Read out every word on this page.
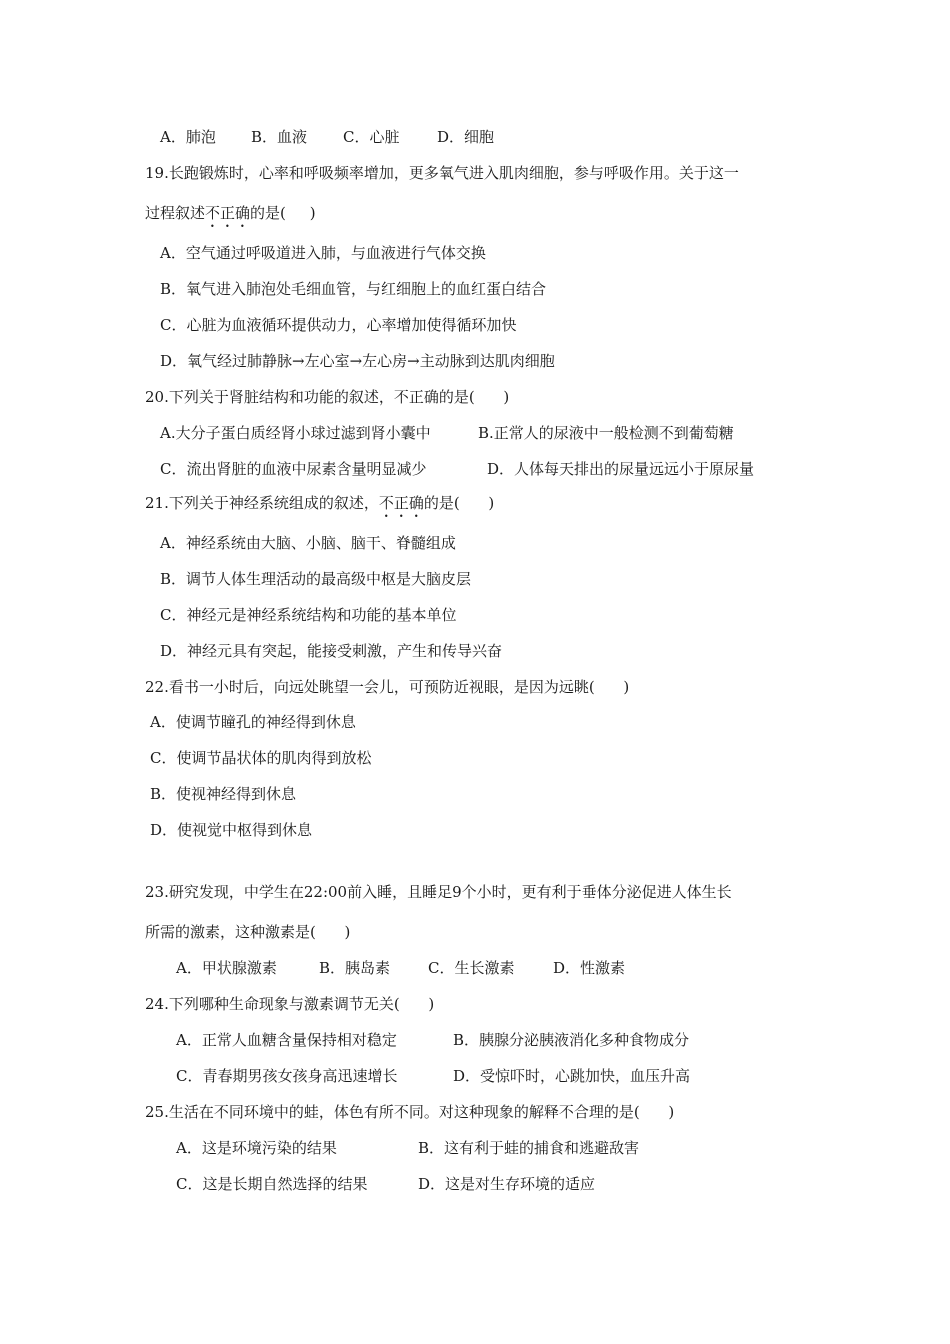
A．肺泡 B．血液 C．心脏	D．细胞
19.长跑锻炼时，心率和呼吸频率增加，更多氧气进入肌肉细胞，参与呼吸作用。关于这一
过程叙述不正确的是(     )
A．空气通过呼吸道进入肺，与血液进行气体交换
B．氧气进入肺泡处毛细血管，与红细胞上的血红蛋白结合
C．心脏为血液循环提供动力，心率增加使得循环加快
D．氧气经过肺静脉→左心室→左心房→主动脉到达肌肉细胞
20.下列关于肾脏结构和功能的叙述，不正确的是(      )
A.大分子蛋白质经肾小球过滤到肾小囊中	B.正常人的尿液中一般检测不到葡萄糖
C．流出肾脏的血液中尿素含量明显减少	D．人体每天排出的尿量远远小于原尿量
21.下列关于神经系统组成的叙述，不正确的是(      )
A．神经系统由大脑、小脑、脑干、脊髓组成
B．调节人体生理活动的最高级中枢是大脑皮层
C．神经元是神经系统结构和功能的基本单位
D．神经元具有突起，能接受刺激，产生和传导兴奋
22.看书一小时后，向远处眺望一会儿，可预防近视眼，是因为远眺(      )
A．使调节瞳孔的神经得到休息
C．使调节晶状体的肌肉得到放松
B．使视神经得到休息
D．使视觉中枢得到休息
23.研究发现，中学生在22:00前入睡，且睡足9个小时，更有利于垂体分泌促进人体生长
所需的激素，这种激素是(      )
A．甲状腺激素	B．胰岛素	C．生长激素	D．性激素
24.下列哪种生命现象与激素调节无关(      )
A．正常人血糖含量保持相对稳定	B．胰腺分泌胰液消化多种食物成分
C．青春期男孩女孩身高迅速增长	D．受惊吓时，心跳加快，血压升高
25.生活在不同环境中的蛙，体色有所不同。对这种现象的解释不合理的是(      )
A．这是环境污染的结果	B．这有利于蛙的捕食和逃避敌害
C．这是长期自然选择的结果	D．这是对生存环境的适应
